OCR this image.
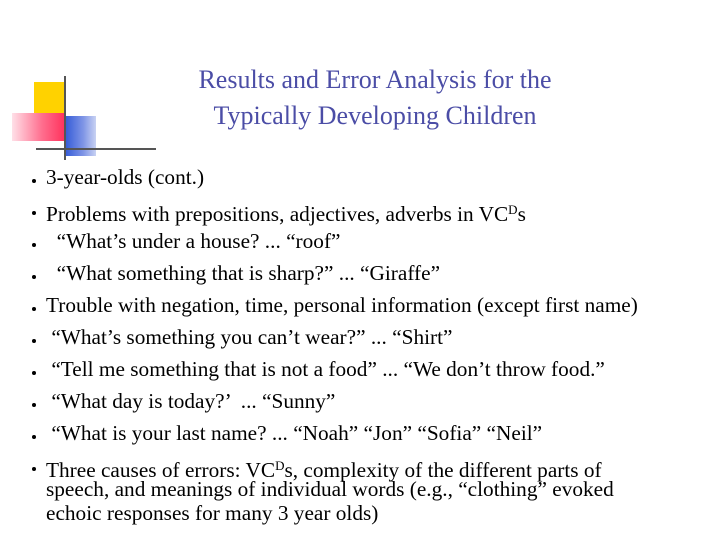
Results and Error Analysis for the
Typically Developing Children
3-year-olds (cont.)
Problems with prepositions, adjectives, adverbs in $VC^Ds$
“What’s under a house? ... “roof”
“What something that is sharp?” ... “Giraffe”
Trouble with negation, time, personal information (except first name)
“What’s something you can’t wear?” ... “Shirt”
“Tell me something that is not a food” ... “We don’t throw food.”
“What day is today?’  ... “Sunny”
“What is your last name? ... “Noah” “Jon” “Sofia” “Neil”
Three causes of errors: $VC^Ds$, complexity of the different parts of
speech, and meanings of individual words (e.g., “clothing” evoked
echoic responses for many 3 year olds)
